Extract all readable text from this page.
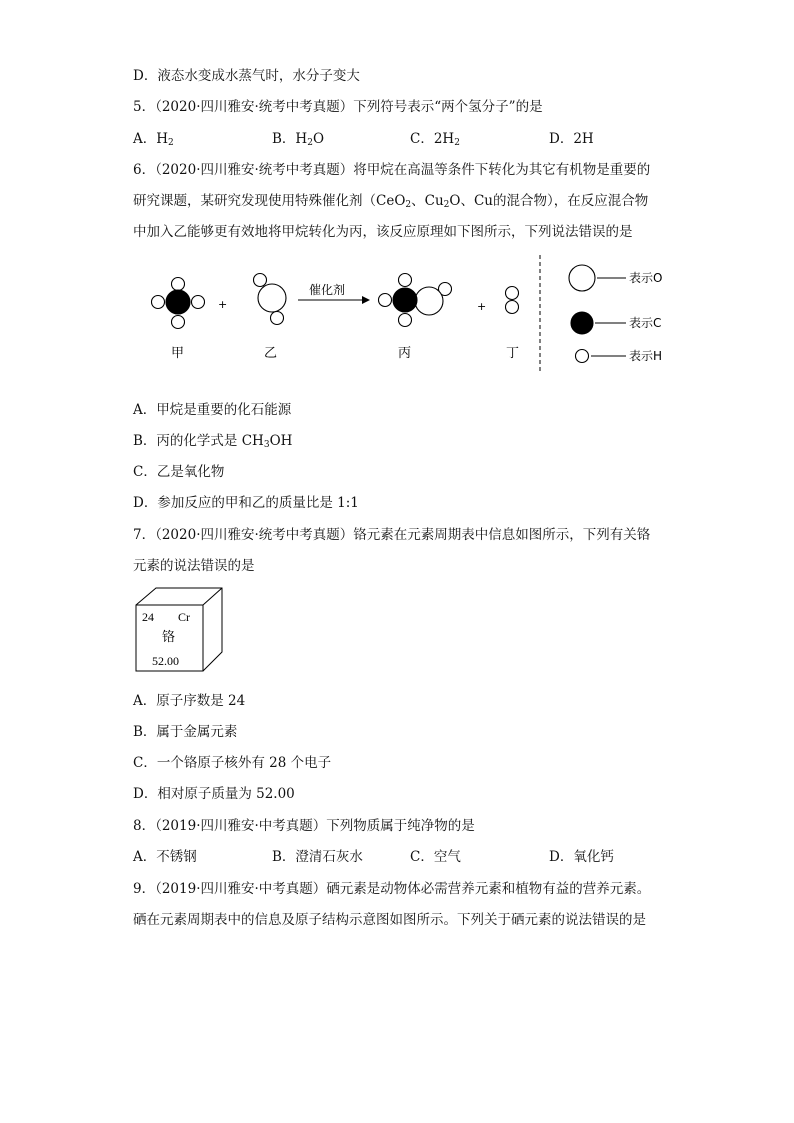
D．液态水变成水蒸气时，水分子变大
5．（2020·四川雅安·统考中考真题）下列符号表示“两个氢分子”的是
A．$H_2$	B．$H_2O$	C．$2H_2$	D．2H
6．（2020·四川雅安·统考中考真题）将甲烷在高温等条件下转化为其它有机物是重要的
研究课题，某研究发现使用特殊催化剂（CeO$_2$、$Cu_2O$、Cu的混合物），在反应混合物
中加入乙能够更有效地将甲烷转化为丙，该反应原理如下图所示，下列说法错误的是
催化剂
+	+
甲	乙	丙	丁
表示O
表示C
表示H
A．甲烷是重要的化石能源
B．丙的化学式是 $CH_3OH$
C．乙是氧化物
D．参加反应的甲和乙的质量比是 1:1
7．（2020·四川雅安·统考中考真题）铬元素在元素周期表中信息如图所示，下列有关铬
元素的说法错误的是
24 Cr
铬
52.00
A．原子序数是 24
B．属于金属元素
C．一个铬原子核外有 28 个电子
D．相对原子质量为 52.00
8．（2019·四川雅安·中考真题）下列物质属于纯净物的是
A．不锈钢	B．澄清石灰水	C．空气	D．氧化钙
9．（2019·四川雅安·中考真题）硒元素是动物体必需营养元素和植物有益的营养元素。
硒在元素周期表中的信息及原子结构示意图如图所示。下列关于硒元素的说法错误的是
